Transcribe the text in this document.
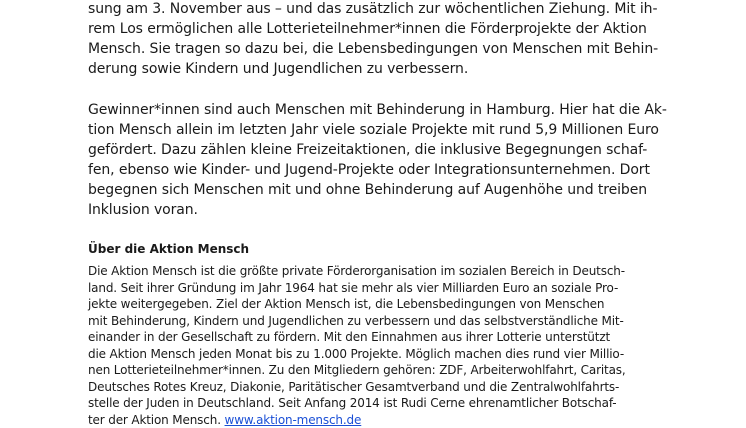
sung am 3. November aus – und das zusätzlich zur wöchentlichen Ziehung. Mit ih-
rem Los ermöglichen alle Lotterieteilnehmer*innen die Förderprojekte der Aktion
Mensch. Sie tragen so dazu bei, die Lebensbedingungen von Menschen mit Behin-
derung sowie Kindern und Jugendlichen zu verbessern.
Gewinner*innen sind auch Menschen mit Behinderung in Hamburg. Hier hat die Ak-
tion Mensch allein im letzten Jahr viele soziale Projekte mit rund 5,9 Millionen Euro
gefördert. Dazu zählen kleine Freizeitaktionen, die inklusive Begegnungen schaf-
fen, ebenso wie Kinder- und Jugend-Projekte oder Integrationsunternehmen. Dort
begegnen sich Menschen mit und ohne Behinderung auf Augenhöhe und treiben
Inklusion voran.
Über die Aktion Mensch
Die Aktion Mensch ist die größte private Förderorganisation im sozialen Bereich in Deutsch-
land. Seit ihrer Gründung im Jahr 1964 hat sie mehr als vier Milliarden Euro an soziale Pro-
jekte weitergegeben. Ziel der Aktion Mensch ist, die Lebensbedingungen von Menschen
mit Behinderung, Kindern und Jugendlichen zu verbessern und das selbstverständliche Mit-
einander in der Gesellschaft zu fördern. Mit den Einnahmen aus ihrer Lotterie unterstützt
die Aktion Mensch jeden Monat bis zu 1.000 Projekte. Möglich machen dies rund vier Millio-
nen Lotterieteilnehmer*innen. Zu den Mitgliedern gehören: ZDF, Arbeiterwohlfahrt, Caritas,
Deutsches Rotes Kreuz, Diakonie, Paritätischer Gesamtverband und die Zentralwohlfahrts-
stelle der Juden in Deutschland. Seit Anfang 2014 ist Rudi Cerne ehrenamtlicher Botschaf-
ter der Aktion Mensch. www.aktion-mensch.de
